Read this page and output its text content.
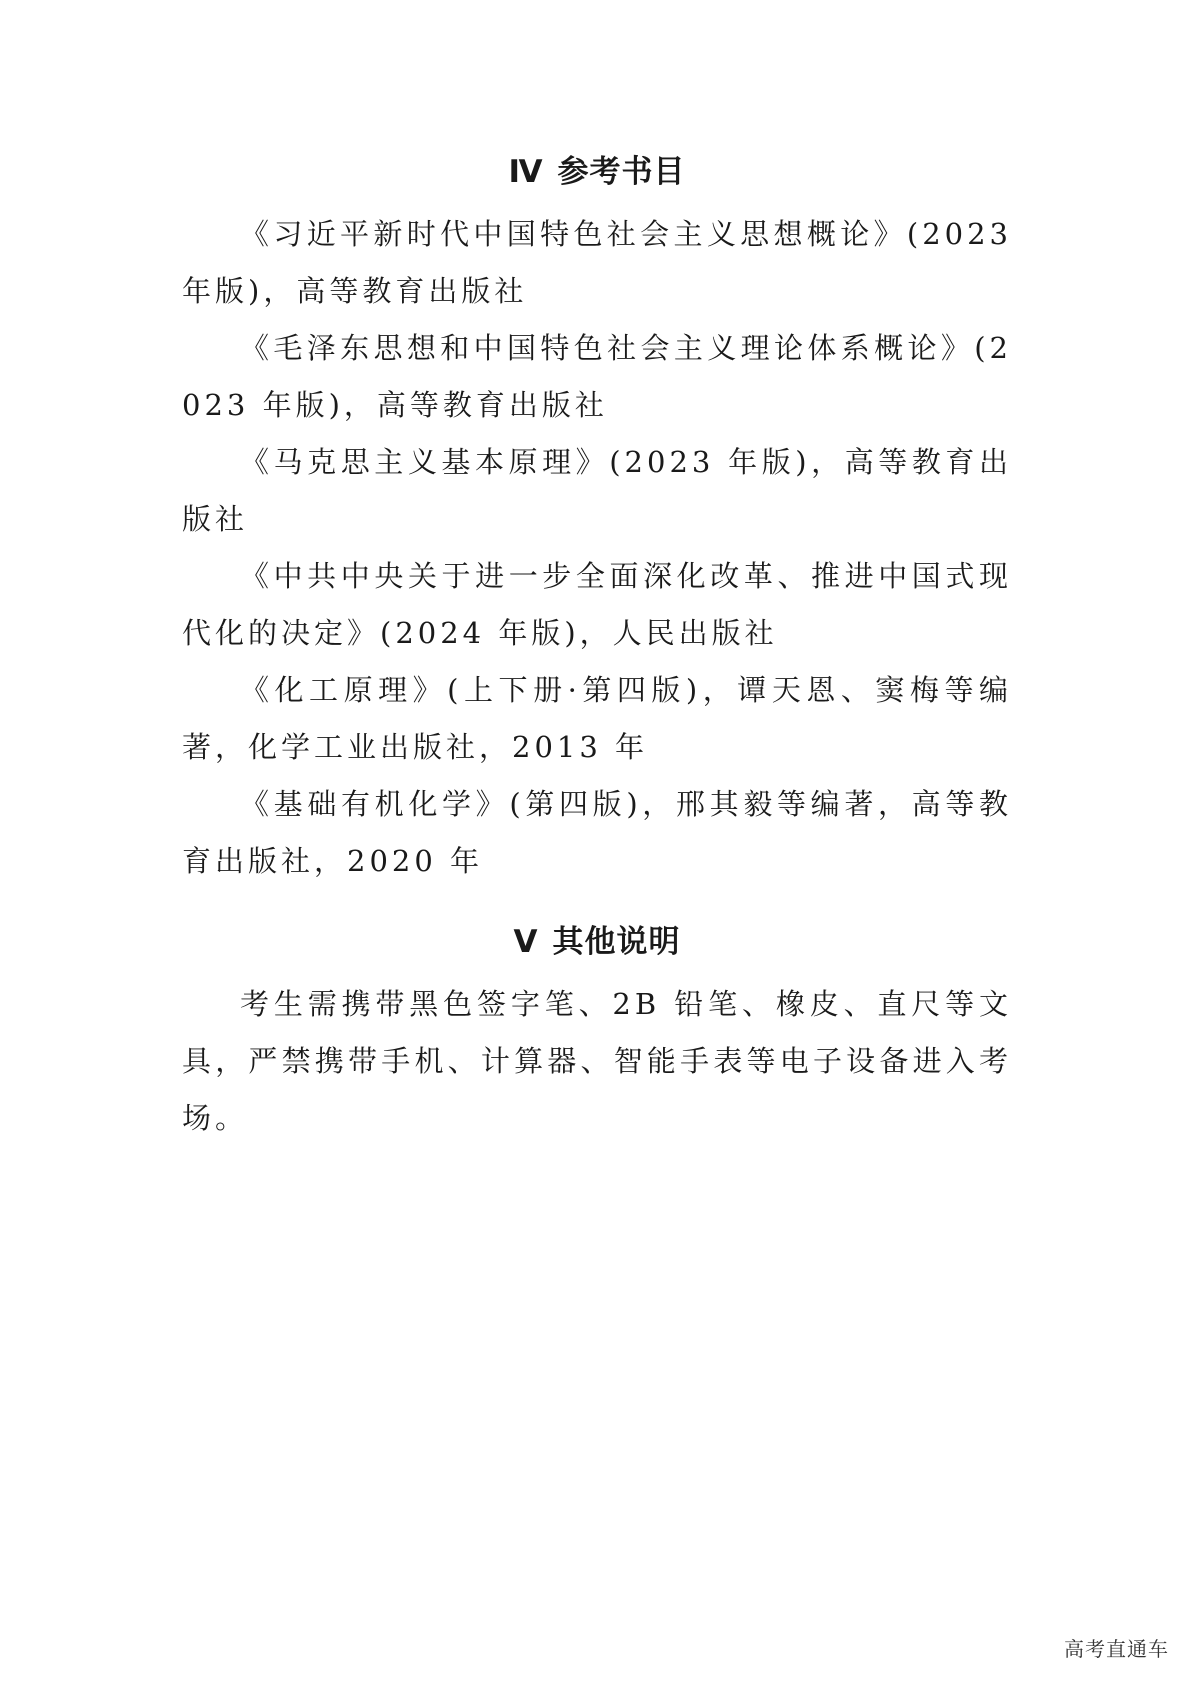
Ⅳ 参考书目

《习近平新时代中国特色社会主义思想概论》(2023 年版)，高等教育出版社

《毛泽东思想和中国特色社会主义理论体系概论》(2023 年版)，高等教育出版社

《马克思主义基本原理》(2023 年版)，高等教育出版社

《中共中央关于进一步全面深化改革、推进中国式现代化的决定》(2024 年版)，人民出版社

《化工原理》(上下册·第四版)，谭天恩、窦梅等编著，化学工业出版社，2013 年

《基础有机化学》(第四版)，邢其毅等编著，高等教育出版社，2020 年

Ⅴ 其他说明

考生需携带黑色签字笔、2B 铅笔、橡皮、直尺等文具，严禁携带手机、计算器、智能手表等电子设备进入考场。

高考直通车
